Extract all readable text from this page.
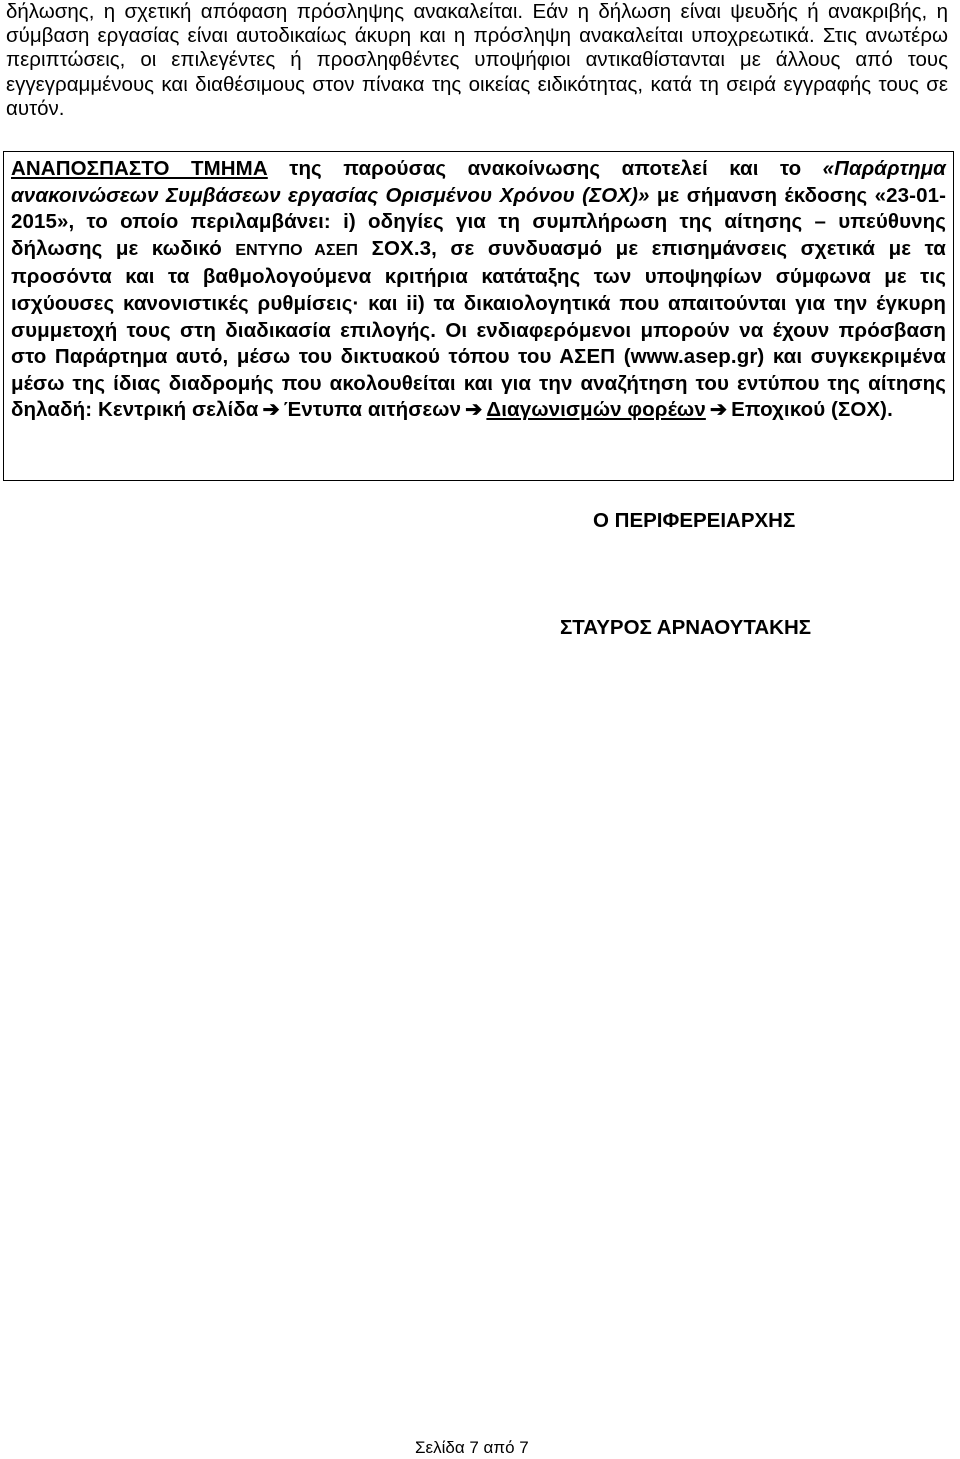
δήλωσης, η σχετική απόφαση πρόσληψης ανακαλείται. Εάν η δήλωση είναι ψευδής ή ανακριβής, η σύμβαση εργασίας είναι αυτοδικαίως άκυρη και η πρόσληψη ανακαλείται υποχρεωτικά. Στις ανωτέρω περιπτώσεις, οι επιλεγέντες ή προσληφθέντες υποψήφιοι αντικαθίστανται με άλλους από τους εγγεγραμμένους και διαθέσιμους στον πίνακα της οικείας ειδικότητας, κατά τη σειρά εγγραφής τους σε αυτόν.

ΑΝΑΠΟΣΠΑΣΤΟ ΤΜΗΜΑ της παρούσας ανακοίνωσης αποτελεί και το «Παράρτημα ανακοινώσεων Συμβάσεων εργασίας Ορισμένου Χρόνου (ΣΟΧ)» με σήμανση έκδοσης «23-01-2015», το οποίο περιλαμβάνει: i) οδηγίες για τη συμπλήρωση της αίτησης – υπεύθυνης δήλωσης με κωδικό ΕΝΤΥΠΟ ΑΣΕΠ ΣΟΧ.3, σε συνδυασμό με επισημάνσεις σχετικά με τα προσόντα και τα βαθμολογούμενα κριτήρια κατάταξης των υποψηφίων σύμφωνα με τις ισχύουσες κανονιστικές ρυθμίσεις· και ii) τα δικαιολογητικά που απαιτούνται για την έγκυρη συμμετοχή τους στη διαδικασία επιλογής. Οι ενδιαφερόμενοι μπορούν να έχουν πρόσβαση στο Παράρτημα αυτό, μέσω του δικτυακού τόπου του ΑΣΕΠ (www.asep.gr) και συγκεκριμένα μέσω της ίδιας διαδρομής που ακολουθείται και για την αναζήτηση του εντύπου της αίτησης δηλαδή: Κεντρική σελίδα ➔ Έντυπα αιτήσεων ➔ Διαγωνισμών φορέων ➔ Εποχικού (ΣΟΧ).

Ο ΠΕΡΙΦΕΡΕΙΑΡΧΗΣ

ΣΤΑΥΡΟΣ ΑΡΝΑΟΥΤΑΚΗΣ

Σελίδα 7 από 7
